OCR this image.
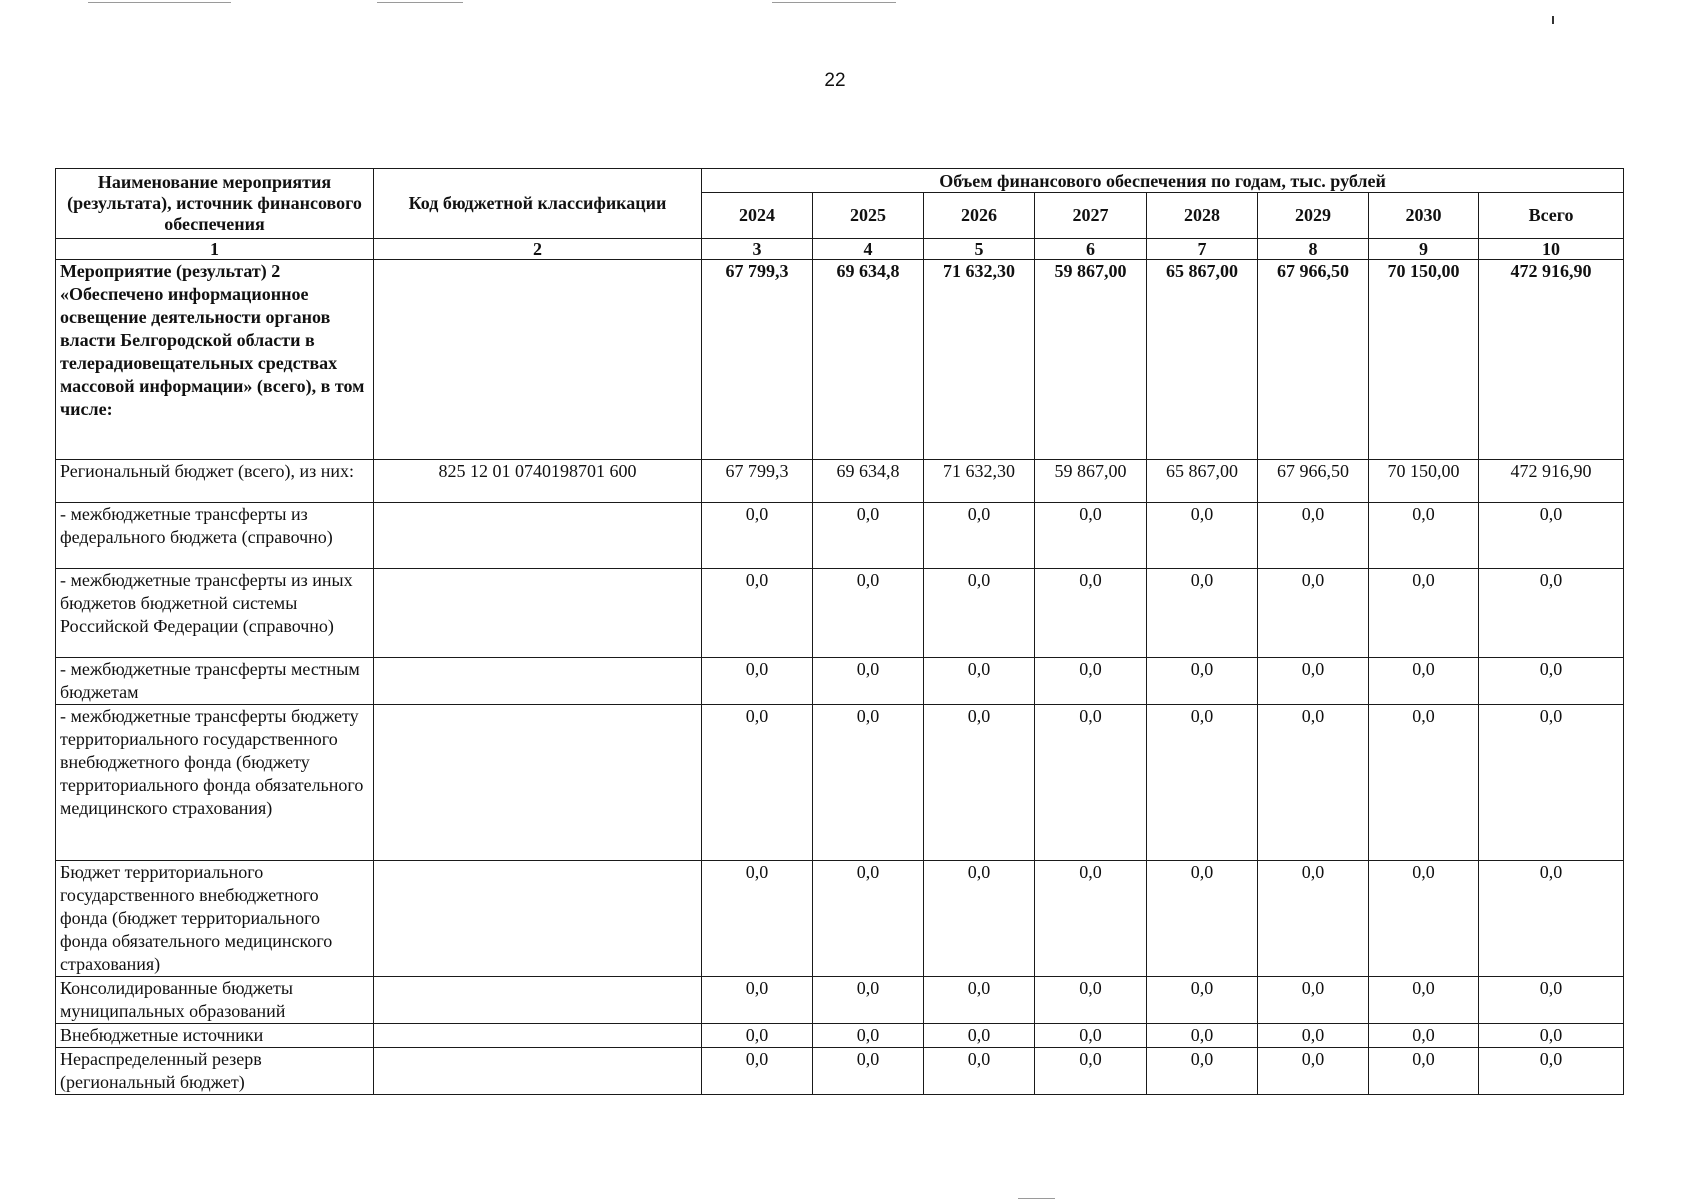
22
Наименование мероприятия (результата), источник финансового обеспечения	Код бюджетной классификации	Объем финансового обеспечения по годам, тыс. рублей							
		2024	2025	2026	2027	2028	2029	2030	Всего
1	2	3	4	5	6	7	8	9	10
Мероприятие (результат) 2 «Обеспечено информационное освещение деятельности органов власти Белгородской области в телерадиовещательных средствах массовой информации» (всего), в том числе:		67 799,3	69 634,8	71 632,30	59 867,00	65 867,00	67 966,50	70 150,00	472 916,90
Региональный бюджет (всего), из них:	825 12 01 0740198701 600	67 799,3	69 634,8	71 632,30	59 867,00	65 867,00	67 966,50	70 150,00	472 916,90
- межбюджетные трансферты из федерального бюджета (справочно)		0,0	0,0	0,0	0,0	0,0	0,0	0,0	0,0
- межбюджетные трансферты из иных бюджетов бюджетной системы Российской Федерации (справочно)		0,0	0,0	0,0	0,0	0,0	0,0	0,0	0,0
- межбюджетные трансферты местным бюджетам		0,0	0,0	0,0	0,0	0,0	0,0	0,0	0,0
- межбюджетные трансферты бюджету территориального государственного внебюджетного фонда (бюджету территориального фонда обязательного медицинского страхования)		0,0	0,0	0,0	0,0	0,0	0,0	0,0	0,0
Бюджет территориального государственного внебюджетного фонда (бюджет территориального фонда обязательного медицинского страхования)		0,0	0,0	0,0	0,0	0,0	0,0	0,0	0,0
Консолидированные бюджеты муниципальных образований		0,0	0,0	0,0	0,0	0,0	0,0	0,0	0,0
Внебюджетные источники		0,0	0,0	0,0	0,0	0,0	0,0	0,0	0,0
Нераспределенный резерв (региональный бюджет)		0,0	0,0	0,0	0,0	0,0	0,0	0,0	0,0
